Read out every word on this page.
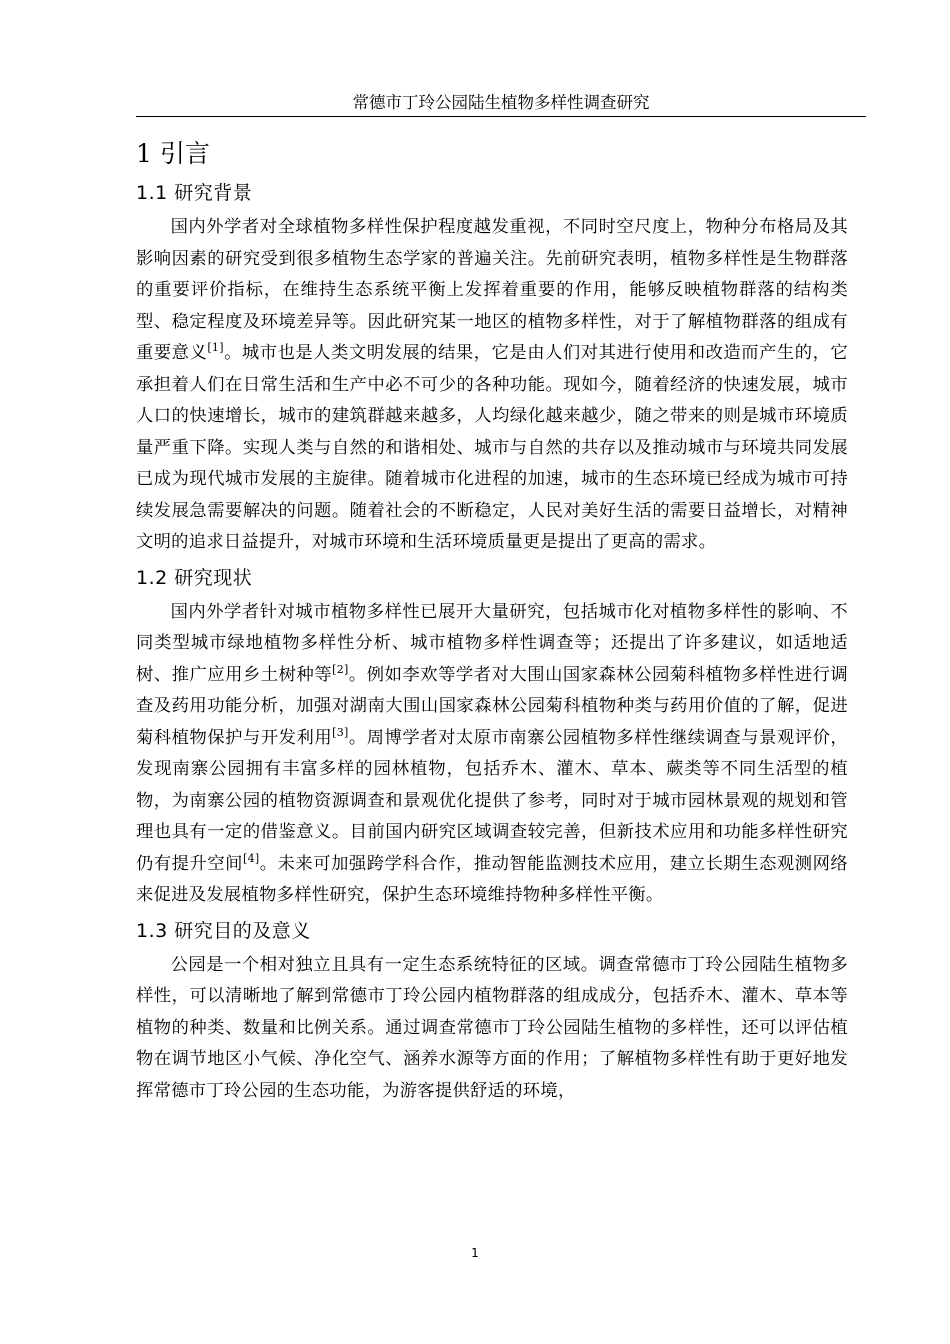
常德市丁玲公园陆生植物多样性调查研究
1 引言
1.1 研究背景

国内外学者对全球植物多样性保护程度越发重视，不同时空尺度上，物种分布格局及其影响因素的研究受到很多植物生态学家的普遍关注。先前研究表明，植物多样性是生物群落的重要评价指标，在维持生态系统平衡上发挥着重要的作用，能够反映植物群落的结构类型、稳定程度及环境差异等。因此研究某一地区的植物多样性，对于了解植物群落的组成有重要意义[1]。城市也是人类文明发展的结果，它是由人们对其进行使用和改造而产生的，它承担着人们在日常生活和生产中必不可少的各种功能。现如今，随着经济的快速发展，城市人口的快速增长，城市的建筑群越来越多，人均绿化越来越少，随之带来的则是城市环境质量严重下降。实现人类与自然的和谐相处、城市与自然的共存以及推动城市与环境共同发展已成为现代城市发展的主旋律。随着城市化进程的加速，城市的生态环境已经成为城市可持续发展急需要解决的问题。随着社会的不断稳定，人民对美好生活的需要日益增长，对精神文明的追求日益提升，对城市环境和生活环境质量更是提出了更高的需求。

1.2 研究现状

国内外学者针对城市植物多样性已展开大量研究，包括城市化对植物多样性的影响、不同类型城市绿地植物多样性分析、城市植物多样性调查等；还提出了许多建议，如适地适树、推广应用乡土树种等[2]。例如李欢等学者对大围山国家森林公园菊科植物多样性进行调查及药用功能分析，加强对湖南大围山国家森林公园菊科植物种类与药用价值的了解，促进菊科植物保护与开发利用[3]。周博学者对太原市南寨公园植物多样性继续调查与景观评价，发现南寨公园拥有丰富多样的园林植物，包括乔木、灌木、草本、蕨类等不同生活型的植物，为南寨公园的植物资源调查和景观优化提供了参考，同时对于城市园林景观的规划和管理也具有一定的借鉴意义。目前国内研究区域调查较完善，但新技术应用和功能多样性研究仍有提升空间[4]。未来可加强跨学科合作，推动智能监测技术应用，建立长期生态观测网络来促进及发展植物多样性研究，保护生态环境维持物种多样性平衡。

1.3 研究目的及意义

公园是一个相对独立且具有一定生态系统特征的区域。调查常德市丁玲公园陆生植物多样性，可以清晰地了解到常德市丁玲公园内植物群落的组成成分，包括乔木、灌木、草本等植物的种类、数量和比例关系。通过调查常德市丁玲公园陆生植物的多样性，还可以评估植物在调节地区小气候、净化空气、涵养水源等方面的作用；了解植物多样性有助于更好地发挥常德市丁玲公园的生态功能，为游客提供舒适的环境，

1
